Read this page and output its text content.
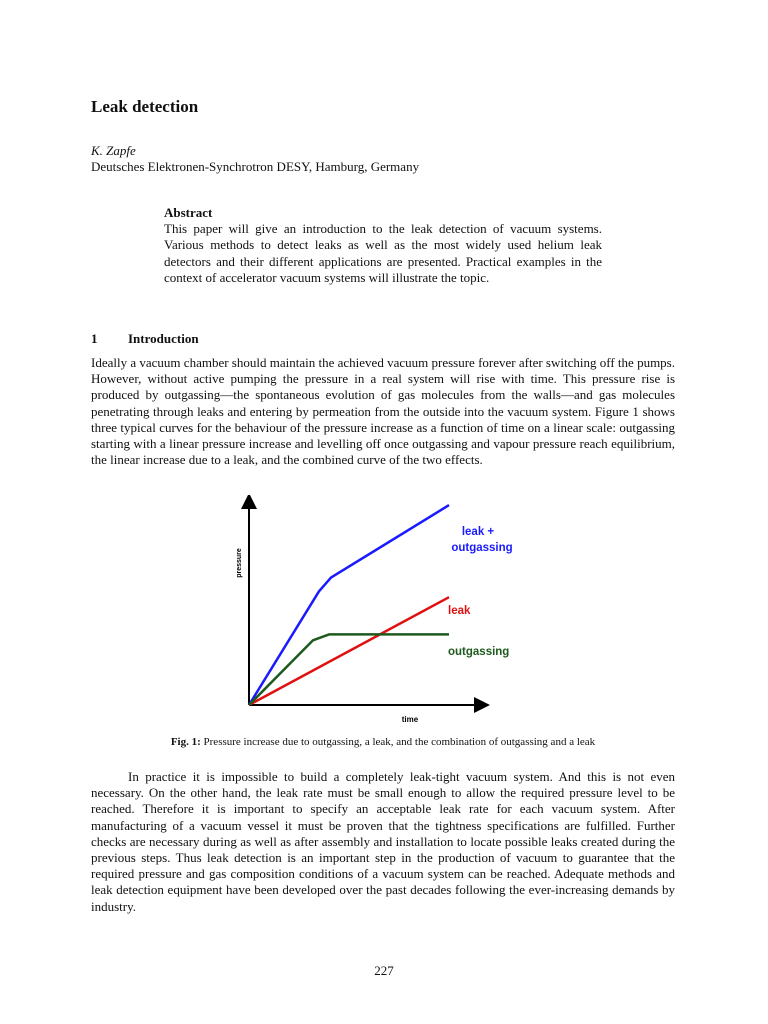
Leak detection

K. Zapfe

Deutsches Elektronen-Synchrotron DESY, Hamburg, Germany

Abstract

This paper will give an introduction to the leak detection of vacuum systems. Various methods to detect leaks as well as the most widely used helium leak detectors and their different applications are presented. Practical examples in the context of accelerator vacuum systems will illustrate the topic.

1 Introduction

Ideally a vacuum chamber should maintain the achieved vacuum pressure forever after switching off the pumps. However, without active pumping the pressure in a real system will rise with time. This pressure rise is produced by outgassing—the spontaneous evolution of gas molecules from the walls—and gas molecules penetrating through leaks and entering by permeation from the outside into the vacuum system. Figure 1 shows three typical curves for the behaviour of the pressure increase as a function of time on a linear scale: outgassing starting with a linear pressure increase and levelling off once outgassing and vapour pressure reach equilibrium, the linear increase due to a leak, and the combined curve of the two effects.

pressure
time
leak +
outgassing
leak
outgassing

Fig. 1: Pressure increase due to outgassing, a leak, and the combination of outgassing and a leak

In practice it is impossible to build a completely leak-tight vacuum system. And this is not even necessary. On the other hand, the leak rate must be small enough to allow the required pressure level to be reached. Therefore it is important to specify an acceptable leak rate for each vacuum system. After manufacturing of a vacuum vessel it must be proven that the tightness specifications are fulfilled. Further checks are necessary during as well as after assembly and installation to locate possible leaks created during the previous steps. Thus leak detection is an important step in the production of vacuum to guarantee that the required pressure and gas composition conditions of a vacuum system can be reached. Adequate methods and leak detection equipment have been developed over the past decades following the ever-increasing demands by industry.

227
